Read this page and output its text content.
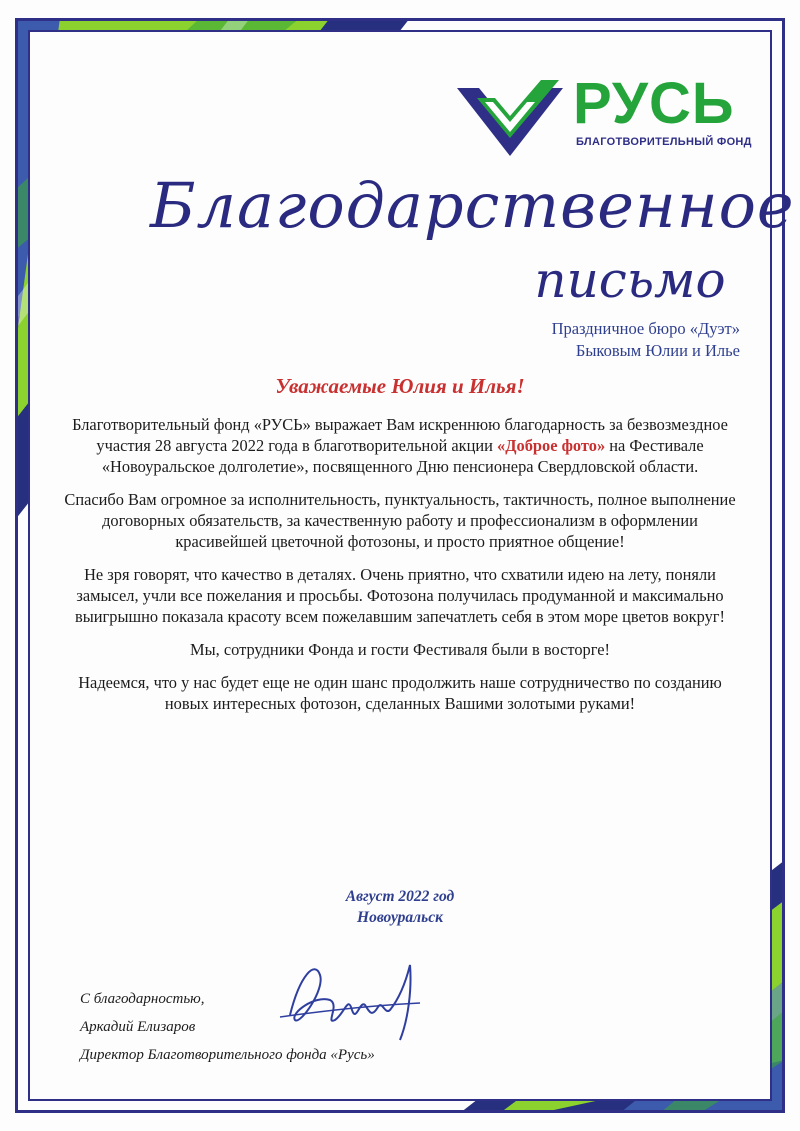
РУСЬ
БЛАГОТВОРИТЕЛЬНЫЙ ФОНД
Благодарственное
письмо
Праздничное бюро «Дуэт»
Быковым Юлии и Илье
Уважаемые Юлия и Илья!

Благотворительный фонд «РУСЬ» выражает Вам искреннюю благодарность за безвозмездное участия 28 августа 2022 года в благотворительной акции «Доброе фото» на Фестивале «Новоуральское долголетие», посвященного Дню пенсионера Свердловской области.

Спасибо Вам огромное за исполнительность, пунктуальность, тактичность, полное выполнение договорных обязательств, за качественную работу и профессионализм в оформлении красивейшей цветочной фотозоны, и просто приятное общение!

Не зря говорят, что качество в деталях. Очень приятно, что схватили идею на лету, поняли замысел, учли все пожелания и просьбы. Фотозона получилась продуманной и максимально выигрышно показала красоту всем пожелавшим запечатлеть себя в этом море цветов вокруг!

Мы, сотрудники Фонда и гости Фестиваля были в восторге!

Надеемся, что у нас будет еще не один шанс продолжить наше сотрудничество по созданию новых интересных фотозон, сделанных Вашими золотыми руками!

Август 2022 год
Новоуральск
С благодарностью,
Аркадий Елизаров
Директор Благотворительного фонда «Русь»
